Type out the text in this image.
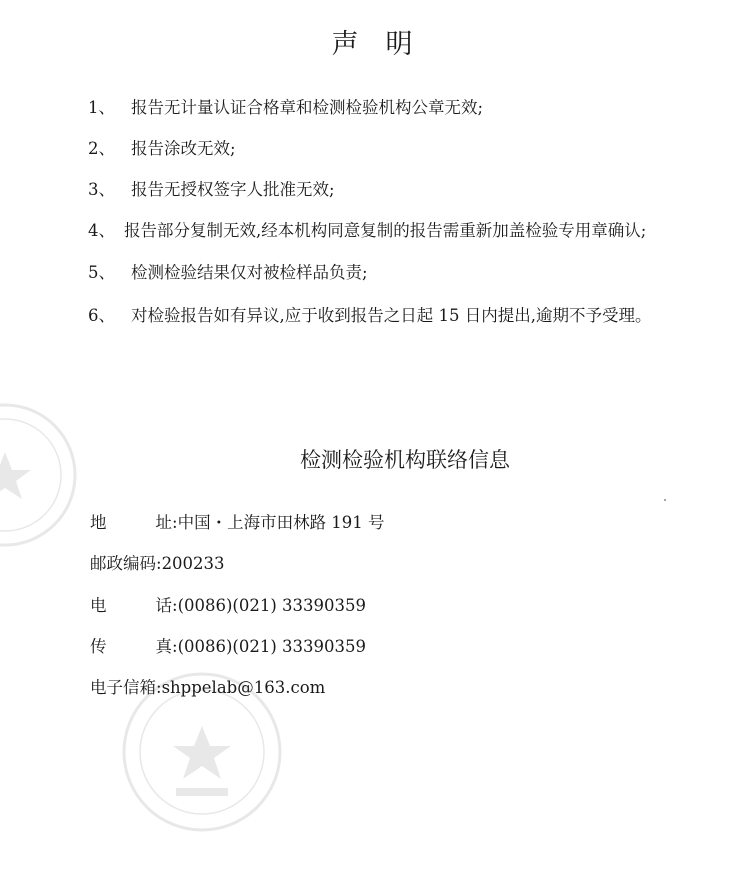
声　明
1、 报告无计量认证合格章和检测检验机构公章无效;
2、 报告涂改无效;
3、 报告无授权签字人批准无效;
4、 报告部分复制无效,经本机构同意复制的报告需重新加盖检验专用章确认;
5、 检测检验结果仅对被检样品负责;
6、 对检验报告如有异议,应于收到报告之日起 15 日内提出,逾期不予受理。
检测检验机构联络信息
地	址 :中国・上海市田林路 191 号
邮政编码:200233
电	话 :(0086)(021) 33390359
传	真 :(0086)(021) 33390359
电子信箱:shppelab@163.com
